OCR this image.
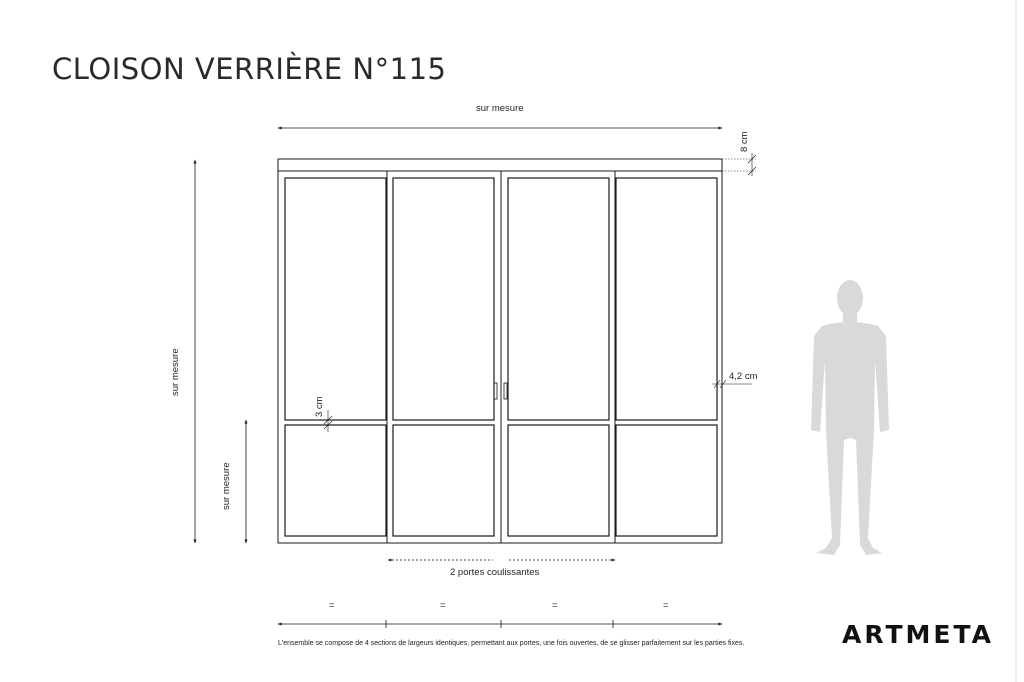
CLOISON VERRIÈRE N°115
sur mesure
sur mesure
sur mesure
8 cm
4,2 cm
3 cm
2 portes coulissantes
=	=	=	=
L'ensemble se compose de 4 sections de largeurs identiques, permettant aux portes, une fois ouvertes, de se glisser parfaitement sur les parties fixes.	ARTMETA
